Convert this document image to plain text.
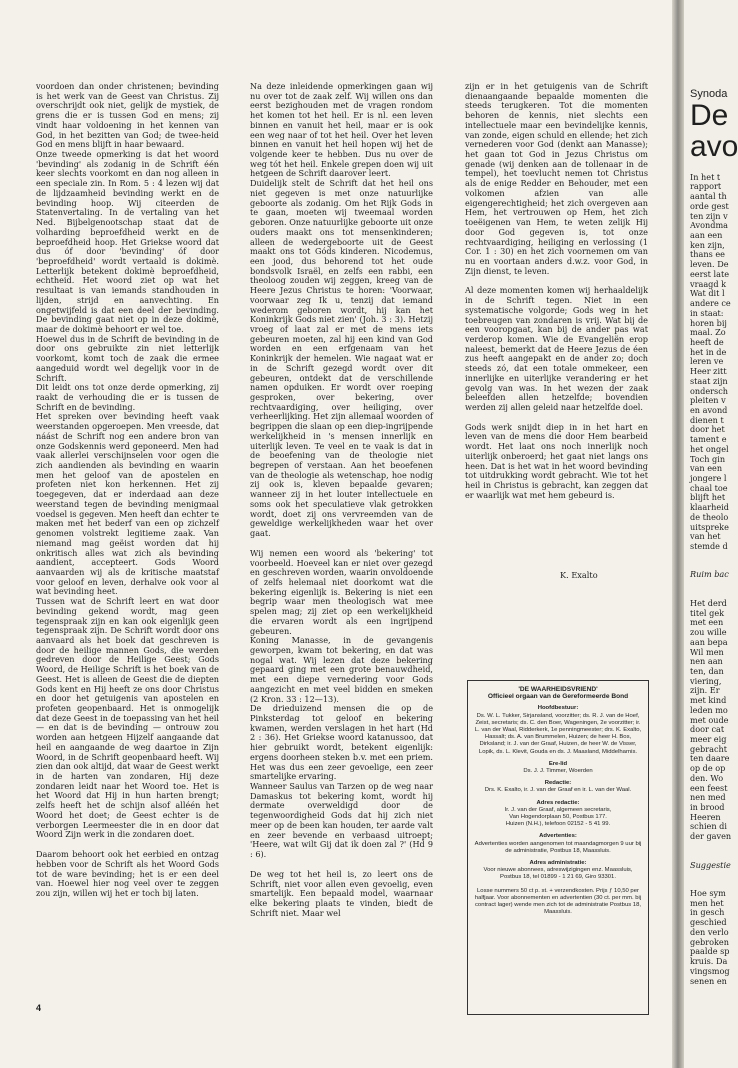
voordoen dan onder christenen; bevinding is het werk van de Geest van Christus. Zij overschrijdt ook niet, gelijk de mystiek, de grens die er is tussen God en mens; zij vindt haar voldoening in het kennen van God, in het bezitten van God; de twee-heid God en mens blijft in haar bewaard.

Onze tweede opmerking is dat het woord 'bevinding' als zodanig in de Schrift één keer slechts voorkomt en dan nog alleen in een speciale zin. In Rom. 5 : 4 lezen wij dat de lijdzaamheid bevinding werkt en de bevinding hoop. Wij citeerden de Statenvertaling. In de vertaling van het Ned. Bijbelgenootschap staat dat de volharding beproefdheid werkt en de beproefdheid hoop. Het Griekse woord dat dus óf door 'bevinding' óf door 'beproefdheid' wordt vertaald is dokimè. Letterlijk betekent dokimè beproefdheid, echtheid. Het woord ziet op wat het resultaat is van iemands standhouden in lijden, strijd en aanvechting. En ongetwijfeld is dat een deel der bevinding. De bevinding gaat niet op in deze dokimè, maar de dokimè behoort er wel toe.

Hoewel dus in de Schrift de bevinding in de door ons gebruikte zin niet letterlijk voorkomt, komt toch de zaak die ermee aangeduid wordt wel degelijk voor in de Schrift.

Dit leidt ons tot onze derde opmerking, zij raakt de verhouding die er is tussen de Schrift en de bevinding.

Het spreken over bevinding heeft vaak weerstanden opgeroepen. Men vreesde, dat náást de Schrift nog een andere bron van onze Godskennis werd geponeerd. Men had vaak allerlei verschijnselen voor ogen die zich aandienden als bevinding en waarin men het geloof van de apostelen en profeten niet kon herkennen. Het zij toegegeven, dat er inderdaad aan deze weerstand tegen de bevinding menigmaal voedsel is gegeven. Men heeft dan echter te maken met het bederf van een op zichzelf genomen volstrekt legitieme zaak. Van niemand mag geëist worden dat hij onkritisch alles wat zich als bevinding aandient, accepteert. Gods Woord aanvaarden wij als de kritische maatstaf voor geloof en leven, derhalve ook voor al wat bevinding heet.

Tussen wat de Schrift leert en wat door bevinding gekend wordt, mag geen tegenspraak zijn en kan ook eigenlijk geen tegenspraak zijn. De Schrift wordt door ons aanvaard als het boek dat geschreven is door de heilige mannen Gods, die werden gedreven door de Heilige Geest; Gods Woord, de Heilige Schrift is het boek van de Geest. Het is alleen de Geest die de diepten Gods kent en Hij heeft ze ons door Christus en door het getuigenis van apostelen en profeten geopenbaard. Het is onmogelijk dat deze Geest in de toepassing van het heil — en dat is de bevinding — ontrouw zou worden aan hetgeen Hijzelf aangaande dat heil en aangaande de weg daartoe in Zijn Woord, in de Schrift geopenbaard heeft. Wij zien dan ook altijd, dat waar de Geest werkt in de harten van zondaren, Hij deze zondaren leidt naar het Woord toe. Het is het Woord dat Hij in hun harten brengt; zelfs heeft het de schijn alsof alléén het Woord het doet; de Geest echter is de verborgen Leermeester die in en door dat Woord Zijn werk in die zondaren doet.

Daarom behoort ook het eerbied en ontzag hebben voor de Schrift als het Woord Gods tot de ware bevinding; het is er een deel van. Hoewel hier nog veel over te zeggen zou zijn, willen wij het er toch bij laten.

Na deze inleidende opmerkingen gaan wij nu over tot de zaak zelf. Wij willen ons dan eerst bezighouden met de vragen rondom het komen tot het heil. Er is nl. een leven binnen en vanuit het heil, maar er is ook een weg naar of tot het heil. Over het leven binnen en vanuit het heil hopen wij het de volgende keer te hebben. Dus nu over de weg tót het heil. Enkele grepen doen wij uit hetgeen de Schrift daarover leert.

Duidelijk stelt de Schrift dat het heil ons niet gegeven is met onze natuurlijke geboorte als zodanig. Om het Rijk Gods in te gaan, moeten wij tweemaal worden geboren. Onze natuurlijke geboorte uit onze ouders maakt ons tot mensenkinderen; alleen de wedergeboorte uit de Geest maakt ons tot Góds kinderen. Nicodemus, een jood, dus behorend tot het oude bondsvolk Israël, en zelfs een rabbi, een theoloog zouden wij zeggen, kreeg van de Heere Jezus Christus te horen: 'Voorwaar, voorwaar zeg Ik u, tenzij dat iemand wederom geboren wordt, hij kan het Koninkrijk Gods niet zien' (Joh. 3 : 3). Hetzij vroeg of laat zal er met de mens iets gebeuren moeten, zal hij een kind van God worden en een erfgenaam van het Koninkrijk der hemelen. Wie nagaat wat er in de Schrift gezegd wordt over dit gebeuren, ontdekt dat de verschillende namen opduiken. Er wordt over roeping gesproken, over bekering, over rechtvaardiging, over heiliging, over verheerlijking. Het zijn allemaal woorden of begrippen die slaan op een diep-ingrijpende werkelijkheid in 's mensen innerlijk en uiterlijk leven. Te veel en te vaak is dat in de beoefening van de theologie niet begrepen of verstaan. Aan het beoefenen van de theologie als wetenschap, hoe nodig zij ook is, kleven bepaalde gevaren; wanneer zij in het louter intellectuele en soms ook het speculatieve vlak getrokken wordt, doet zij ons vervreemden van de geweldige werkelijkheden waar het over gaat.

Wij nemen een woord als 'bekering' tot voorbeeld. Hoeveel kan er niet over gezegd en geschreven worden, waarin onvoldoende of zelfs helemaal niet doorkomt wat die bekering eigenlijk is. Bekering is niet een begrip waar men theologisch wat mee spelen mag; zij ziet op een werkelijkheid die ervaren wordt als een ingrijpend gebeuren.

Koning Manasse, in de gevangenis geworpen, kwam tot bekering, en dat was nogal wat. Wij lezen dat deze bekering gepaard ging met een grote benauwdheid, met een diepe vernedering voor Gods aangezicht en met veel bidden en smeken (2 Kron. 33 : 12—13).

De drieduizend mensen die op de Pinksterdag tot geloof en bekering kwamen, werden verslagen in het hart (Hd 2 : 36). Het Griekse woord katanussoo, dat hier gebruikt wordt, betekent eigenlijk: ergens doorheen steken b.v. met een priem. Het was dus een zeer gevoelige, een zeer smartelijke ervaring.

Wanneer Saulus van Tarzen op de weg naar Damaskus tot bekering komt, wordt hij dermate overweldigd door de tegenwoordigheid Gods dat hij zich niet meer op de been kan houden, ter aarde valt en zeer bevende en verbaasd uitroept; 'Heere, wat wilt Gij dat ik doen zal ?' (Hd 9 : 6).

De weg tot het heil is, zo leert ons de Schrift, niet voor allen even gevoelig, even smartelijk. Een bepaald model, waarnaar elke bekering plaats te vinden, biedt de Schrift niet. Maar wel

zijn er in het getuigenis van de Schrift dienaangaande bepaalde momenten die steeds terugkeren. Tot die momenten behoren de kennis, niet slechts een intellectuele maar een bevindelijke kennis, van zonde, eigen schuld en ellende; het zich vernederen voor God (denkt aan Manasse); het gaan tot God in Jezus Christus om genade (wij denken aan de tollenaar in de tempel), het toevlucht nemen tot Christus als de enige Redder en Behouder, met een volkomen afzien van alle eigengerechtigheid; het zich overgeven aan Hem, het vertrouwen op Hem, het zich toeëigenen van Hem, te weten zelijk Hij door God gegeven is, tot onze rechtvaardiging, heiliging en verlossing (1 Cor. 1 : 30) en het zich voornemen om van nu en voortaan anders d.w.z. voor God, in Zijn dienst, te leven.

Al deze momenten komen wij herhaaldelijk in de Schrift tegen. Niet in een systematische volgorde; Gods weg in het toebreugen van zondaren is vrij. Wat bij de een vooropgaat, kan bij de ander pas wat verderop komen. Wie de Evangeliën erop naleest, bemerkt dat de Heere Jezus de éen zus heeft aangepakt en de ander zo; doch steeds zó, dat een totale ommekeer, een innerlijke en uiterlijke verandering er het gevolg van was. In het wezen der zaak beleefden allen hetzelfde; bovendien werden zij allen geleid naar hetzelfde doel.

Gods werk snijdt diep in in het hart en leven van de mens die door Hem bearbeid wordt. Het laat ons noch innerlijk noch uiterlijk onberoerd; het gaat niet langs ons heen. Dat is het wat in het woord bevinding tot uitdrukking wordt gebracht. Wie tot het heil in Christus is gebracht, kan zeggen dat er waarlijk wat met hem gebeurd is.

K. Exalto
'DE WAARHEIDSVRIEND'
Officieel orgaan van de Gereformeerde Bond
Hoofdbestuur:
Ds. W. L. Tukker, Sirjansland, voorzitter; ds. R. J. van de Hoef, Zeist, secretaris; ds. C. den Boer, Wageningen, 2e voorzitter; ir. L. van der Waal, Ridderkerk, 1e penningmeester; drs. K. Exalto, Hassalt; ds. A. van Brummelen, Huizen; de heer H. Bos, Dirksland; ir. J. van der Graaf, Huizen, de heer W. de Visser, Lopik, ds. L. Klevit, Gouda en ds. J. Maasland, Middelharnis.
Ere-lid
Ds. J. J. Timmer, Woerden
Redactie:
Drs. K. Exalto, ir. J. van der Graaf en ir. L. van der Waal.
Adres redactie:
Ir. J. van der Graaf, algemeen secretaris,
Van Hogendorplaan 50, Postbus 177.
Huizen (N.H.), telefoon 02152 - 5 41 99.
Advertenties:
Advertenties worden aangenomen tot maandagmorgen 9 uur bij de administratie, Postbus 18, Maassluis.
Adres administratie:
Voor nieuwe abonnees, adreswijzigingen enz. Maassluis, Postbus 18, tel 01899 - 1 21 69, Giro 93301.
Losse nummers 50 ct p. st. + verzendkosten. Prijs ƒ 10,50 per halfjaar. Voor abonnementen en advertentien (30 ct. per mm. bij contract lager) wende men zich tot de administratie Postbus 18, Maassluis.
4
Synoda
De
avo

In het t
rapport
aantal th
orde gest
ten zijn v
Avondma
aan een
ken zijn,
thans ee
leven. De
eerst late
vraagd k
Wat dit l
andere ce
in staat:
horen bij
maal. Zo
heeft de
het in de
leren ve
Heer zitt
staat zijn
ondersch
pleiten v
en avond
dienen t
door het
tament e
het ongel
Toch gin
van een
jongere l
chaal toe
blijft het
klaarheid
de theolo
uitspreke
van het
stemde d

Ruim bac

Het derd
titel gek
met een
zou wille
aan bepa
Wil men
nen aan
ten, dan
viering,
zijn. Er
met kind
leden mo
met oude
door cat
meer eig
gebracht
ten daare
op de op
den. Wo
een feest
nen med
in brood
Heeren
schien di
der gaven

Suggestie

Hoe sym
men het
in gesch
geschied
den verlo
gebroken
paalde sp
kruis. Da
vingsmog
senen en
